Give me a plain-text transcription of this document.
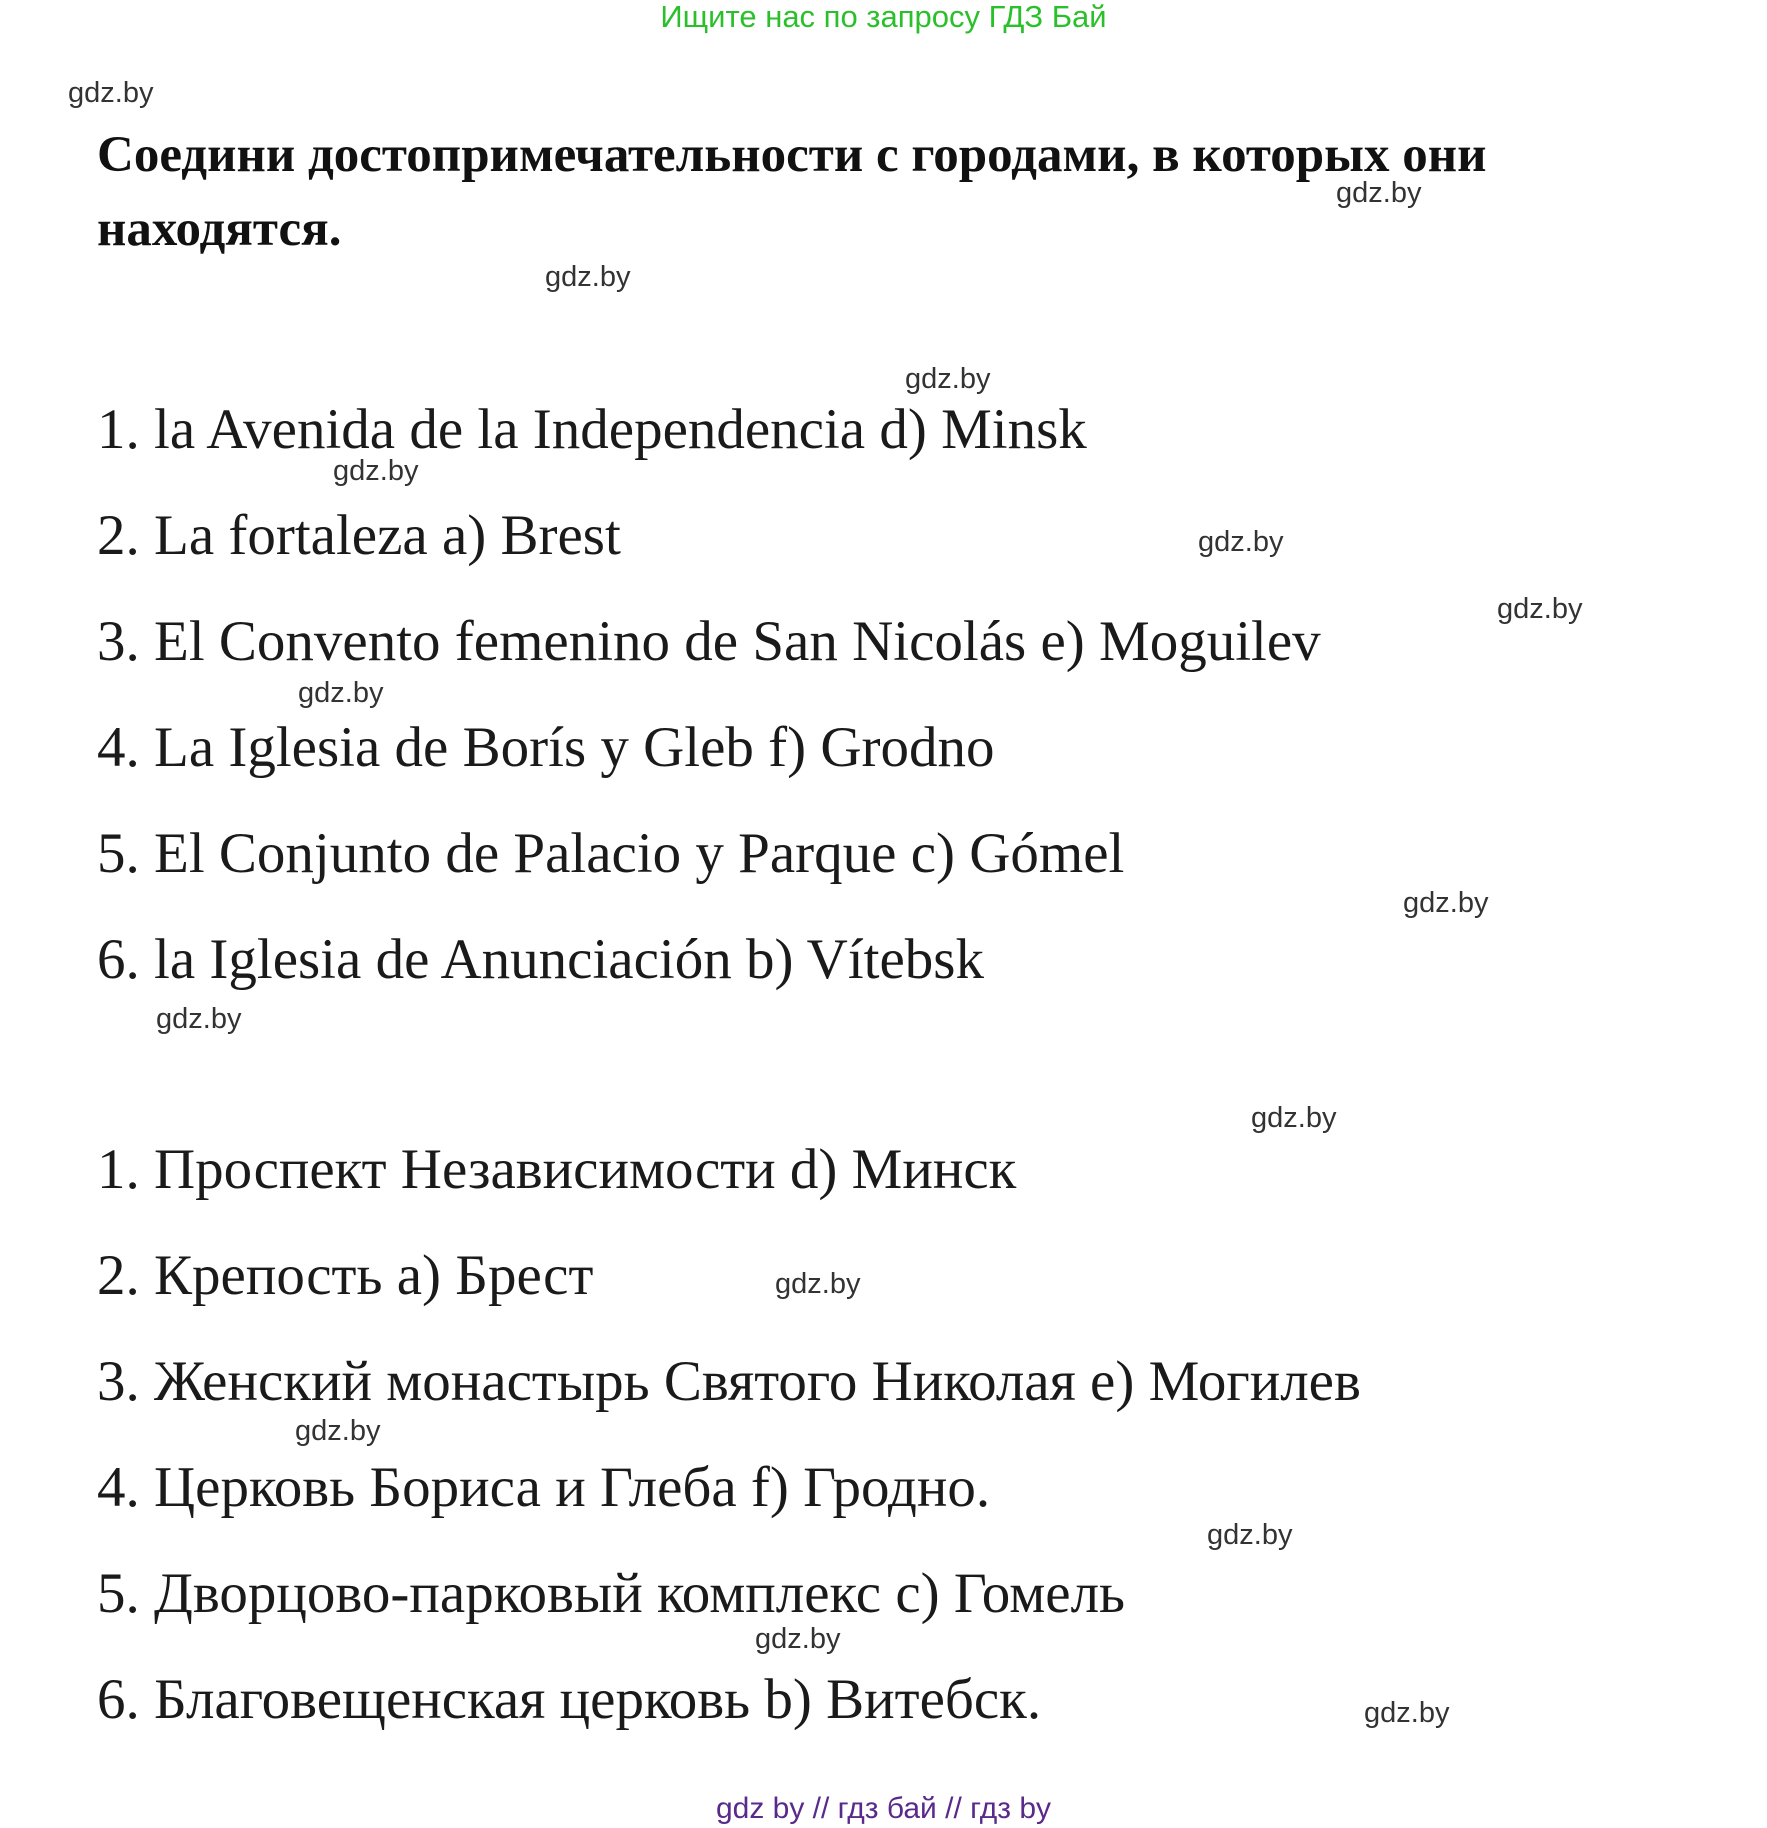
Ищите нас по запросу ГДЗ Бай
Соедини достопримечательности с городами, в которых они находятся.
1. la Avenida de la Independencia d) Minsk
2. La fortaleza a) Brest
3. El Convento femenino de San Nicolás e) Moguilev
4. La Iglesia de Borís y Gleb f) Grodno
5. El Conjunto de Palacio y Parque c) Gómel
6. la Iglesia de Anunciación b) Vítebsk
1. Проспект Независимости d) Минск
2. Крепость а) Брест
3. Женский монастырь Святого Николая е) Могилев
4. Церковь Бориса и Глеба f) Гродно.
5. Дворцово-парковый комплекс с) Гомель
6. Благовещенская церковь b) Витебск.
gdz.by
gdz.by
gdz.by
gdz.by
gdz.by
gdz.by
gdz.by
gdz.by
gdz.by
gdz.by
gdz.by
gdz.by
gdz.by
gdz.by
gdz.by
gdz.by
gdz by // гдз бай // гдз by
